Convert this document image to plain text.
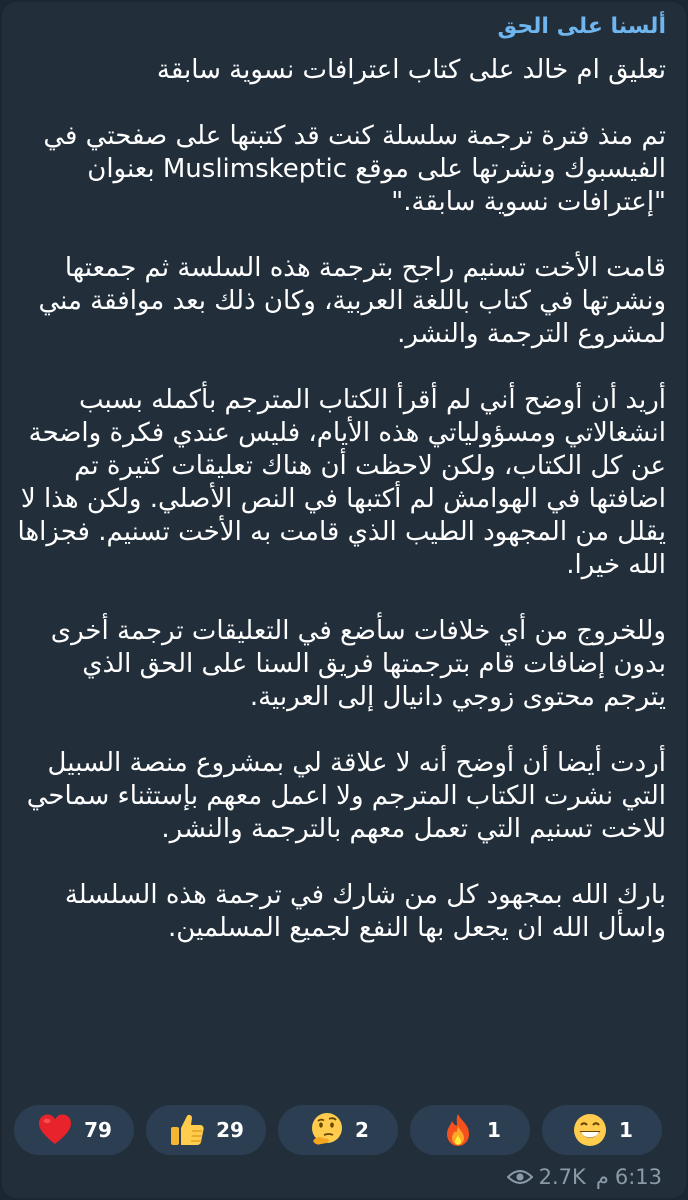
ألسنا على الحق

تعليق ام خالد على كتاب اعترافات نسوية سابقة

تم منذ فترة ترجمة سلسلة كنت قد كتبتها على صفحتي في الفيسبوك ونشرتها على موقع Muslimskeptic بعنوان "إعترافات نسوية سابقة."

قامت الأخت تسنيم راجح بترجمة هذه السلسة ثم جمعتها ونشرتها في كتاب باللغة العربية، وكان ذلك بعد موافقة مني لمشروع الترجمة والنشر.

أريد أن أوضح أني لم أقرأ الكتاب المترجم بأكمله بسبب انشغالاتي ومسؤولياتي هذه الأيام، فليس عندي فكرة واضحة عن كل الكتاب، ولكن لاحظت أن هناك تعليقات كثيرة تم اضافتها في الهوامش لم أكتبها في النص الأصلي. ولكن هذا لا يقلل من المجهود الطيب الذي قامت به الأخت تسنيم. فجزاها الله خيرا.

وللخروج من أي خلافات سأضع في التعليقات ترجمة أخرى بدون إضافات قام بترجمتها فريق السنا على الحق الذي يترجم محتوى زوجي دانيال إلى العربية.

أردت أيضا أن أوضح أنه لا علاقة لي بمشروع منصة السبيل التي نشرت الكتاب المترجم ولا اعمل معهم بإستثناء سماحي للاخت تسنيم التي تعمل معهم بالترجمة والنشر.

بارك الله بمجهود كل من شارك في ترجمة هذه السلسلة واسأل الله ان يجعل بها النفع لجميع المسلمين.

79	29	2	1	1
2.7K م 6:13
